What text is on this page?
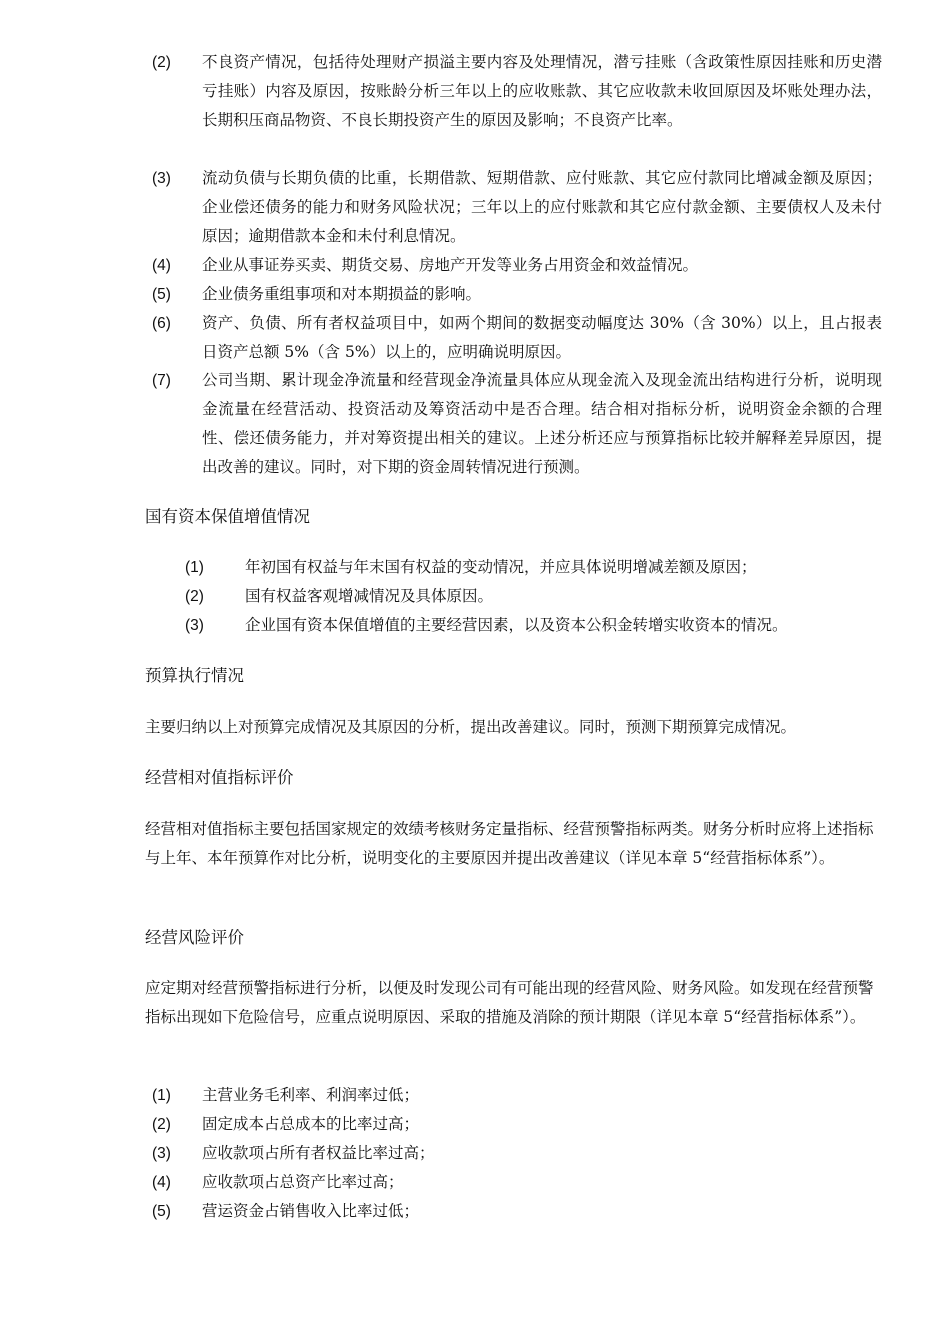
(2) 不良资产情况，包括待处理财产损溢主要内容及处理情况，潜亏挂账（含政策性原因挂账和历史潜亏挂账）内容及原因，按账龄分析三年以上的应收账款、其它应收款未收回原因及坏账处理办法，长期积压商品物资、不良长期投资产生的原因及影响；不良资产比率。
(3) 流动负债与长期负债的比重，长期借款、短期借款、应付账款、其它应付款同比增减金额及原因；企业偿还债务的能力和财务风险状况；三年以上的应付账款和其它应付款金额、主要债权人及未付原因；逾期借款本金和未付利息情况。
(4) 企业从事证券买卖、期货交易、房地产开发等业务占用资金和效益情况。
(5) 企业债务重组事项和对本期损益的影响。
(6) 资产、负债、所有者权益项目中，如两个期间的数据变动幅度达 30%（含 30%）以上，且占报表日资产总额 5%（含 5%）以上的，应明确说明原因。
(7) 公司当期、累计现金净流量和经营现金净流量具体应从现金流入及现金流出结构进行分析，说明现金流量在经营活动、投资活动及筹资活动中是否合理。结合相对指标分析，说明资金余额的合理性、偿还债务能力，并对筹资提出相关的建议。上述分析还应与预算指标比较并解释差异原因，提出改善的建议。同时，对下期的资金周转情况进行预测。
国有资本保值增值情况
(1)	年初国有权益与年末国有权益的变动情况，并应具体说明增减差额及原因；
(2)	国有权益客观增减情况及具体原因。
(3)	企业国有资本保值增值的主要经营因素，以及资本公积金转增实收资本的情况。
预算执行情况
主要归纳以上对预算完成情况及其原因的分析，提出改善建议。同时，预测下期预算完成情况。
经营相对值指标评价
经营相对值指标主要包括国家规定的效绩考核财务定量指标、经营预警指标两类。财务分析时应将上述指标与上年、本年预算作对比分析，说明变化的主要原因并提出改善建议（详见本章 5“经营指标体系”）。
经营风险评价
应定期对经营预警指标进行分析，以便及时发现公司有可能出现的经营风险、财务风险。如发现在经营预警指标出现如下危险信号，应重点说明原因、采取的措施及消除的预计期限（详见本章 5“经营指标体系”）。
(1) 主营业务毛利率、利润率过低；
(2) 固定成本占总成本的比率过高；
(3) 应收款项占所有者权益比率过高；
(4) 应收款项占总资产比率过高；
(5) 营运资金占销售收入比率过低；
